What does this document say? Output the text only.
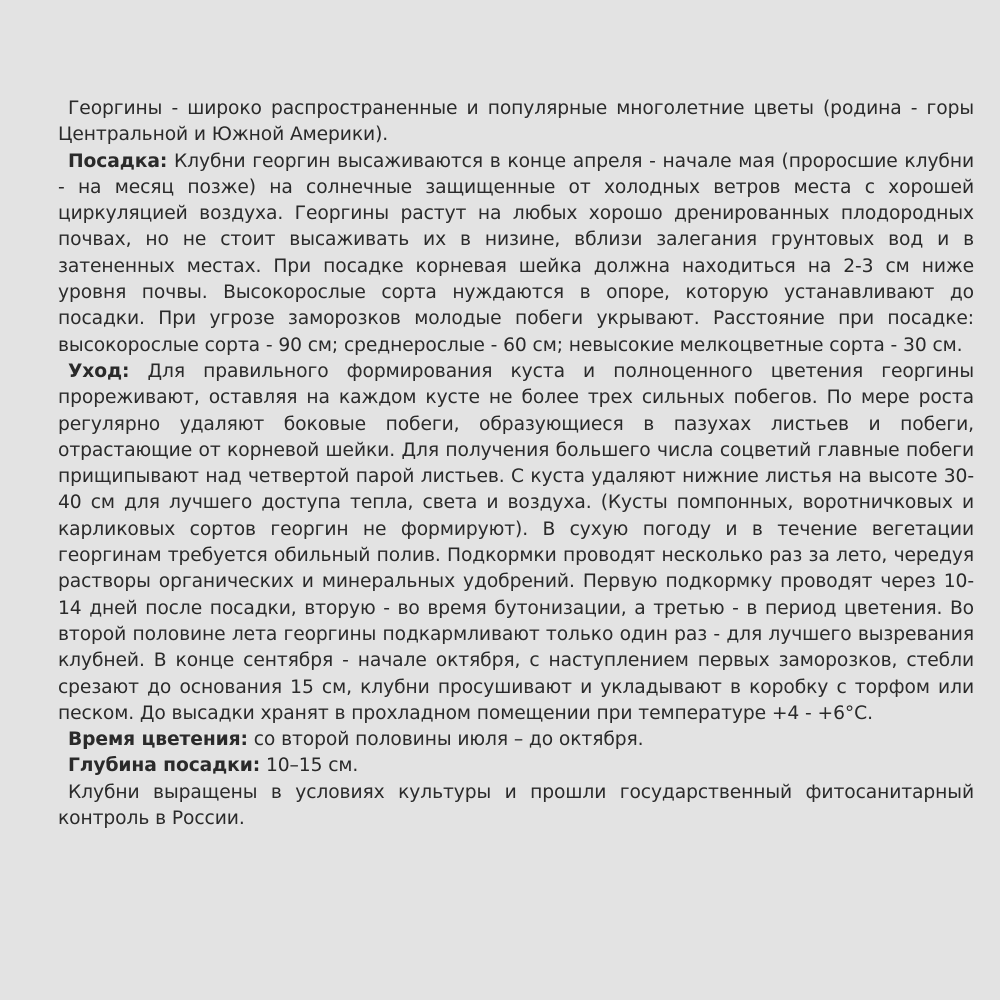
Георгины - широко распространенные и популярные многолетние цветы (родина - горы Центральной и Южной Америки).

Посадка: Клубни георгин высаживаются в конце апреля - начале мая (проросшие клубни - на месяц позже) на солнечные защищенные от холодных ветров места с хорошей циркуляцией воздуха. Георгины растут на любых хорошо дренированных плодородных почвах, но не стоит высаживать их в низине, вблизи залегания грунтовых вод и в затененных местах. При посадке корневая шейка должна находиться на 2-3 см ниже уровня почвы. Высокорослые сорта нуждаются в опоре, которую устанавливают до посадки. При угрозе заморозков молодые побеги укрывают. Расстояние при посадке: высокорослые сорта - 90 см; среднерослые - 60 см; невысокие мелкоцветные сорта - 30 см.

Уход: Для правильного формирования куста и полноценного цветения георгины прореживают, оставляя на каждом кусте не более трех сильных побегов. По мере роста регулярно удаляют боковые побеги, образующиеся в пазухах листьев и побеги, отрастающие от корневой шейки. Для получения большего числа соцветий главные побеги прищипывают над четвертой парой листьев. С куста удаляют нижние листья на высоте 30-40 см для лучшего доступа тепла, света и воздуха. (Кусты помпонных, воротничковых и карликовых сортов георгин не формируют). В сухую погоду и в течение вегетации георгинам требуется обильный полив. Подкормки проводят несколько раз за лето, чередуя растворы органических и минеральных удобрений. Первую подкормку проводят через 10-14 дней после посадки, вторую - во время бутонизации, а третью - в период цветения. Во второй половине лета георгины подкармливают только один раз - для лучшего вызревания клубней. В конце сентября - начале октября, с наступлением первых заморозков, стебли срезают до основания 15 см, клубни просушивают и укладывают в коробку с торфом или песком. До высадки хранят в прохладном помещении при температуре +4 - +6°С.

Время цветения: со второй половины июля – до октября.

Глубина посадки: 10–15 см.

Клубни выращены в условиях культуры и прошли государственный фитосанитарный контроль в России.
